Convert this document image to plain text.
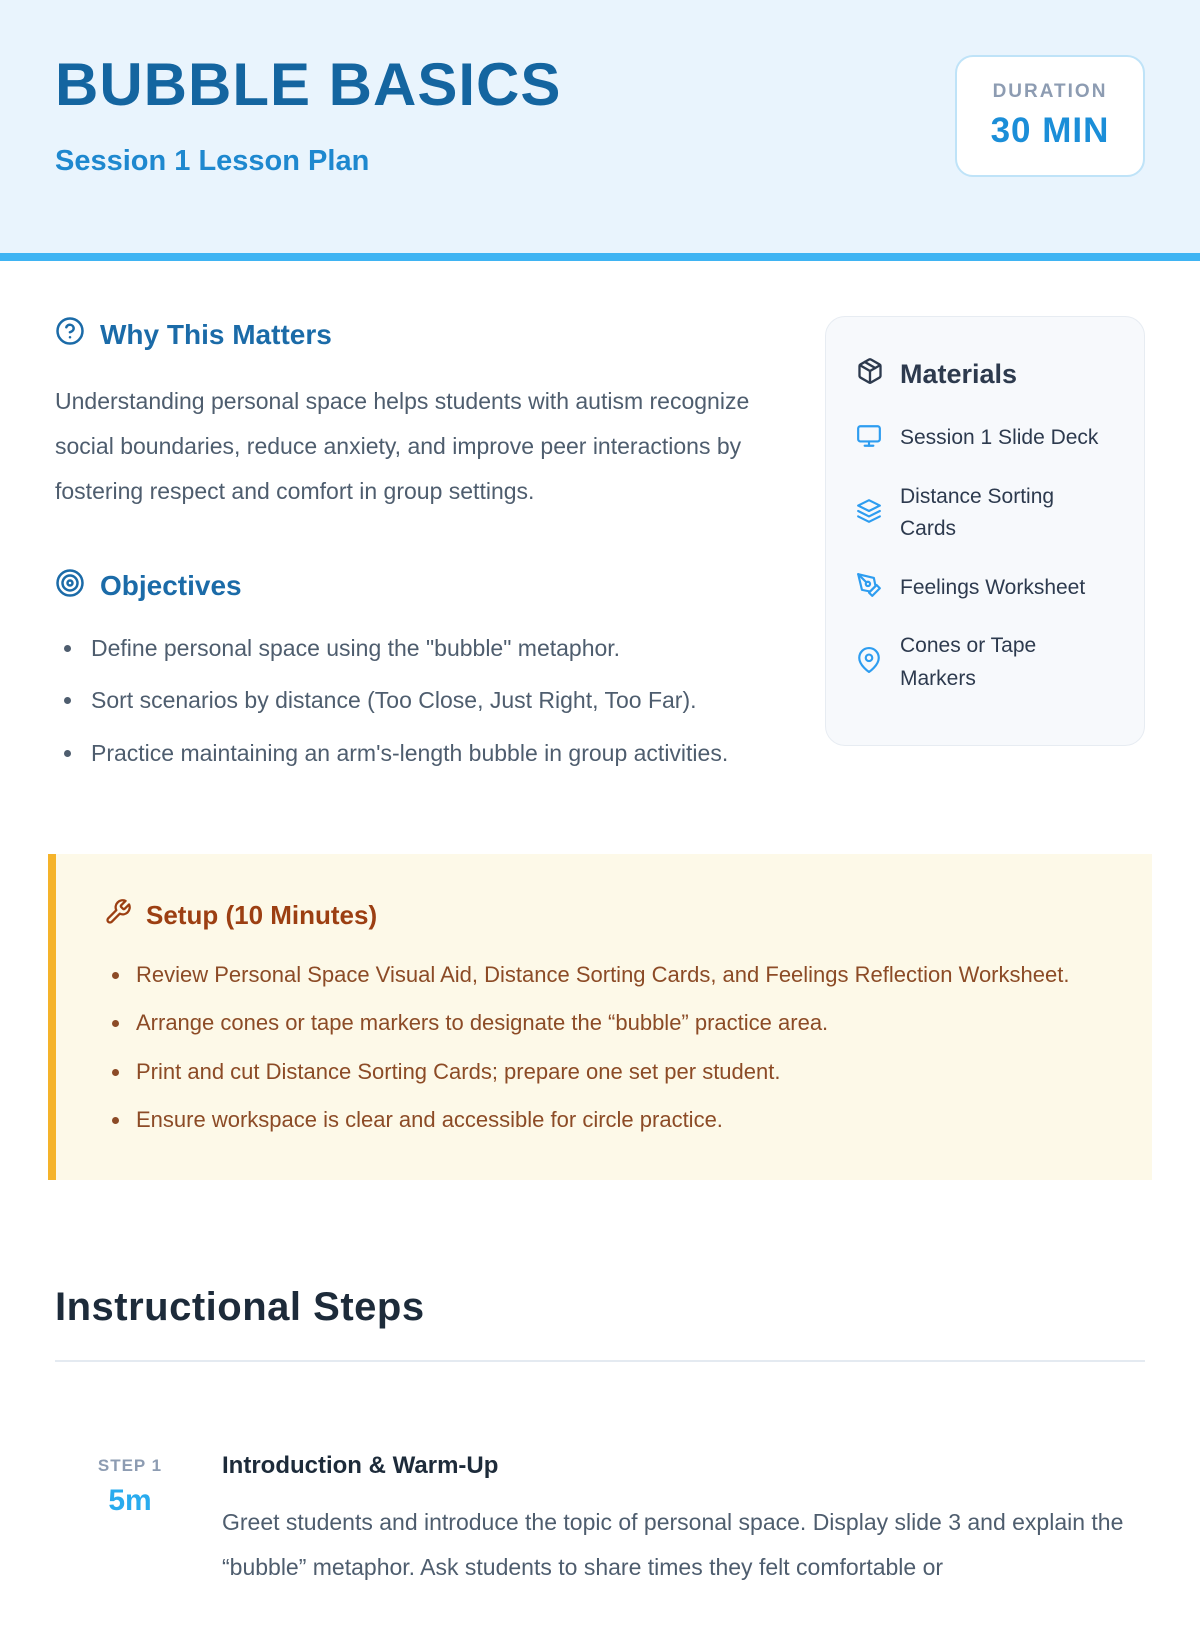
BUBBLE BASICS

Session 1 Lesson Plan

DURATION
30 MIN
Why This Matters

Understanding personal space helps students with autism recognize social boundaries, reduce anxiety, and improve peer interactions by fostering respect and comfort in group settings.

Objectives
• Define personal space using the "bubble" metaphor.
• Sort scenarios by distance (Too Close, Just Right, Too Far).
• Practice maintaining an arm's-length bubble in group activities.
Materials
Session 1 Slide Deck
Distance Sorting Cards
Feelings Worksheet
Cones or Tape Markers
Setup (10 Minutes)
• Review Personal Space Visual Aid, Distance Sorting Cards, and Feelings Reflection Worksheet.
• Arrange cones or tape markers to designate the “bubble” practice area.
• Print and cut Distance Sorting Cards; prepare one set per student.
• Ensure workspace is clear and accessible for circle practice.
Instructional Steps
STEP 1
5m
Introduction & Warm-Up

Greet students and introduce the topic of personal space. Display slide 3 and explain the “bubble” metaphor. Ask students to share times they felt comfortable or
